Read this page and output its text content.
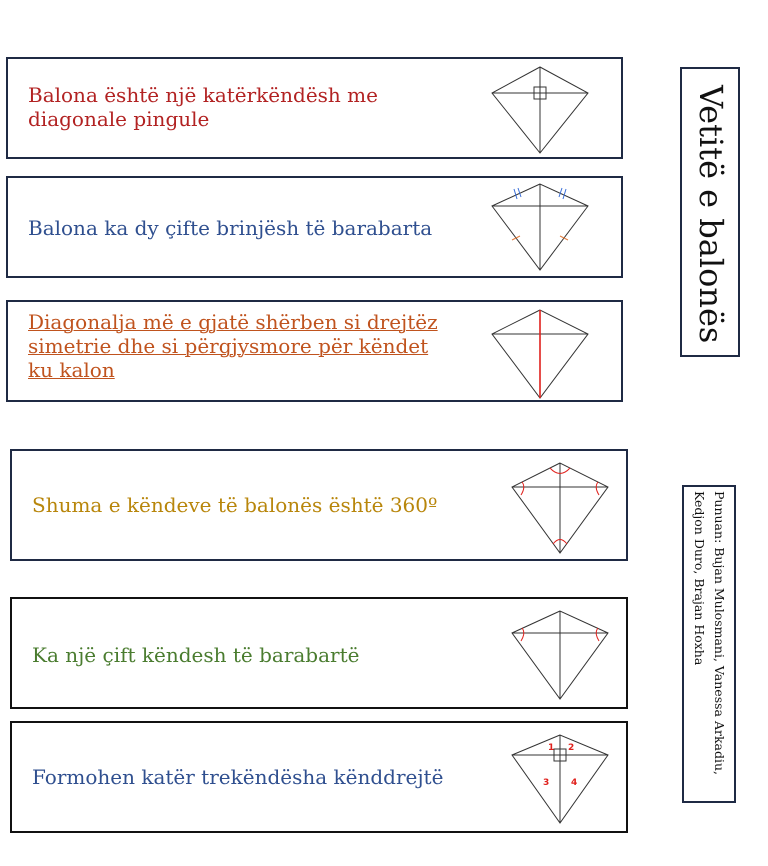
Balona është një katërkëndësh me
diagonale pingule
Balona ka dy çifte brinjësh të barabarta
Diagonalja më e gjatë shërben si drejtëz
simetrie dhe si përgjysmore për këndet
ku kalon
Shuma e këndeve të balonës është 360º
Ka një çift këndesh të barabartë
Formohen katër trekëndësha kënddrejtë
1 2
3 4
Vetitë e balonës
Punuan: Bujan Mulosmani, Vanessa Arkadiu,
Kedjon Duro, Brajan Hoxha
